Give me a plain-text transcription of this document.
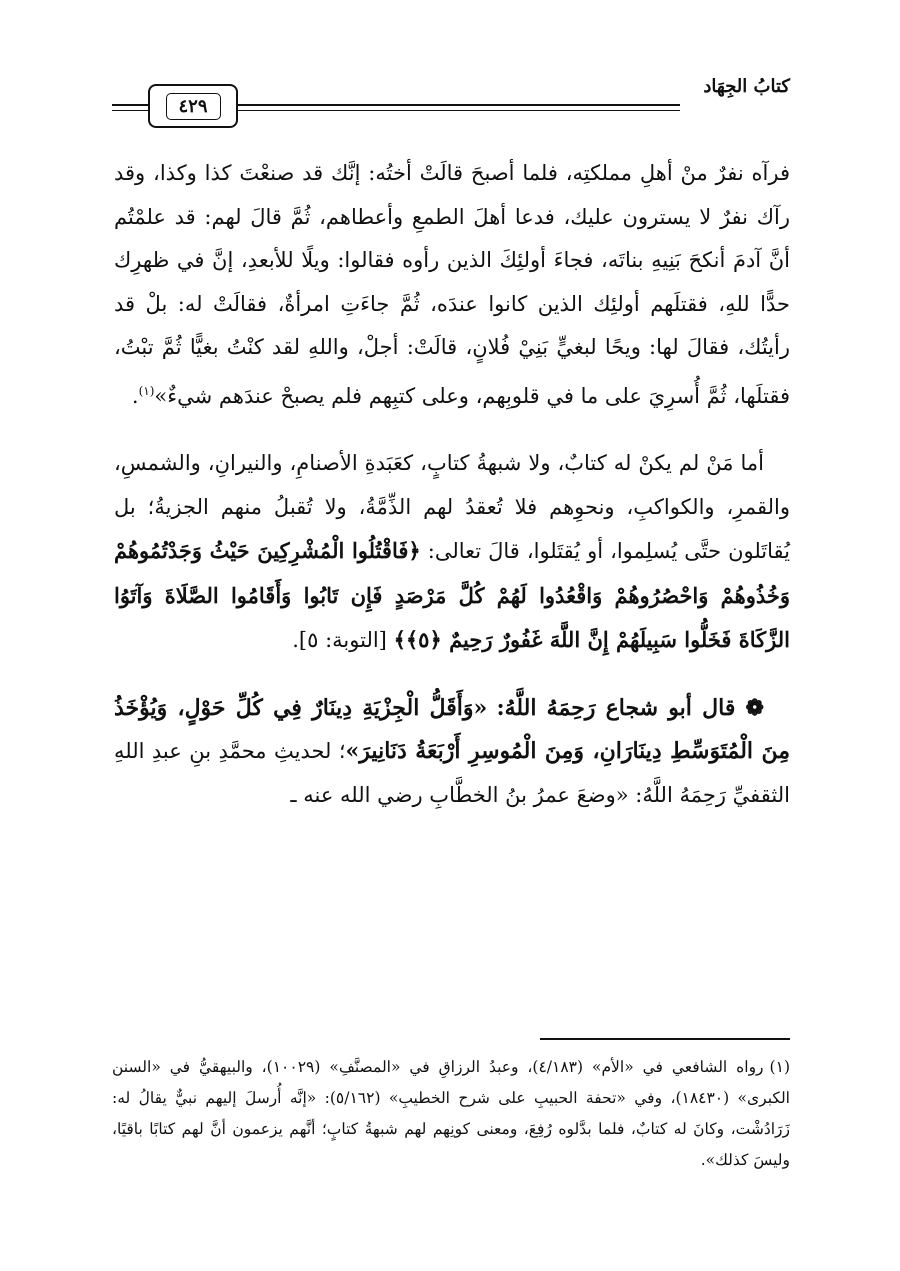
كتابُ الجِهَاد
٤٢٩

فرآه نفرٌ منْ أهلِ مملكتِه، فلما أصبحَ قالَتْ أختُه: إنَّك قد صنعْتَ كذا وكذا، وقد رآك نفرٌ لا يسترون عليك، فدعا أهلَ الطمعِ وأعطاهم، ثُمَّ قالَ لهم: قد علمْتُم أنَّ آدمَ أنكحَ بَنِيهِ بناتَه، فجاءَ أولئِكَ الذين رأوه فقالوا: ويلًا للأبعدِ، إنَّ في ظهرِك حدًّا للهِ، فقتلَهم أولئِك الذين كانوا عندَه، ثُمَّ جاءَتِ امرأةٌ، فقالَتْ له: بلْ قد رأيتُك، فقالَ لها: ويحًا لبغيٍّ بَنِيْ فُلانٍ، قالَتْ: أجلْ، واللهِ لقد كنْتُ بغيًّا ثُمَّ تبْتُ، فقتلَها، ثُمَّ أُسرِيَ على ما في قلوبِهم، وعلى كتبِهم فلم يصبحْ عندَهم شيءٌ»$^{(١)}$.

أما مَنْ لم يكنْ له كتابٌ، ولا شبهةُ كتابٍ، كعَبَدةِ الأصنامِ، والنيرانِ، والشمسِ، والقمرِ، والكواكبِ، ونحوِهم فلا تُعقدُ لهم الذِّمَّةُ، ولا تُقبلُ منهم الجزيةُ؛ بل يُقاتَلون حتَّى يُسلِموا، أو يُقتَلوا، قالَ تعالى: ﴿فَاقْتُلُوا الْمُشْرِكِينَ حَيْثُ وَجَدْتُمُوهُمْ وَخُذُوهُمْ وَاحْصُرُوهُمْ وَاقْعُدُوا لَهُمْ كُلَّ مَرْصَدٍ فَإِن تَابُوا وَأَقَامُوا الصَّلَاةَ وَآتَوُا الزَّكَاةَ فَخَلُّوا سَبِيلَهُمْ إِنَّ اللَّهَ غَفُورٌ رَحِيمٌ ﴿٥﴾﴾ [التوبة: ٥].

❁ قال أبو شجاع رَحِمَهُ اللَّهُ: «وَأَقَلُّ الْجِزْيَةِ دِينَارٌ فِي كُلِّ حَوْلٍ، وَيُؤْخَذُ مِنَ الْمُتَوَسِّطِ دِينَارَانِ، وَمِنَ الْمُوسِرِ أَرْبَعَةُ دَنَانِيرَ»؛ لحديثِ محمَّدِ بنِ عبدِ اللهِ الثقفيِّ رَحِمَهُ اللَّهُ: «وضعَ عمرُ بنُ الخطَّابِ رضي الله عنه ـ

(١)رواه الشافعي في «الأم» (٤/١٨٣)، وعبدُ الرزاقِ في «المصنَّفِ» (١٠٠٢٩)، والبيهقيُّ في «السنن الكبرى» (١٨٤٣٠)، وفي «تحفة الحبيبِ على شرح الخطيبِ» (٥/١٦٢): «إنَّه أُرسلَ إليهم نبيٌّ يقالُ له: زَرَادُشْت، وكانَ له كتابٌ، فلما بدَّلوه رُفِعَ، ومعنى كونِهم لهم شبهةُ كتابٍ؛ أنَّهم يزعمون أنَّ لهم كتابًا باقيًا، وليسَ كذلك».
